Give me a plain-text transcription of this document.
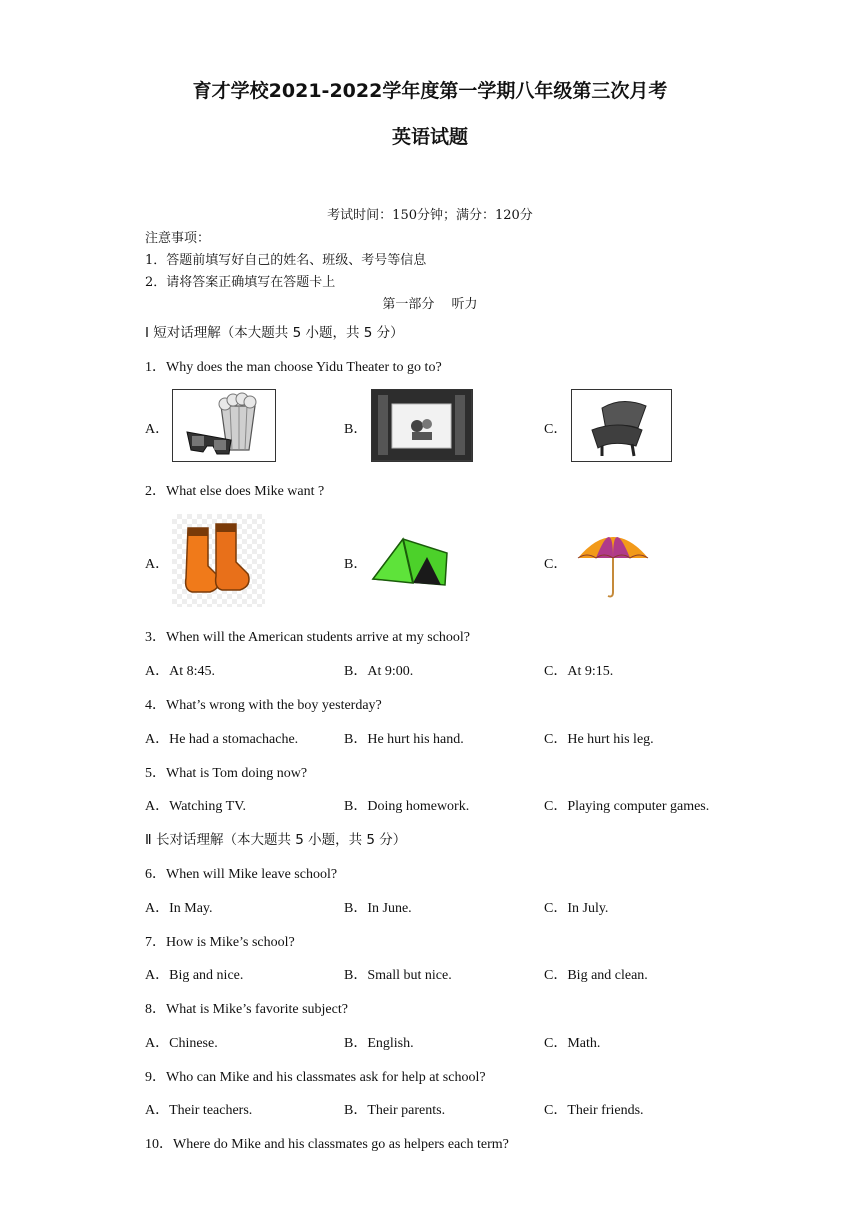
育才学校2021-2022学年度第一学期八年级第三次月考
英语试题
考试时间：150分钟；满分：120分
注意事项：
1．答题前填写好自己的姓名、班级、考号等信息
2．请将答案正确填写在答题卡上
第一部分　 听力
Ⅰ 短对话理解（本大题共 5 小题，共 5 分）
1．Why does the man choose Yidu Theater to go to?
A．	B．	C．
2．What else does Mike want ?
A．	B．	C．
3．When will the American students arrive at my school?
A．At 8:45.	B．At 9:00.	C．At 9:15.
4．What’s wrong with the boy yesterday?
A．He had a stomachache.	B．He hurt his hand.	C．He hurt his leg.
5．What is Tom doing now?
A．Watching TV.	B．Doing homework.	C．Playing computer games.
Ⅱ 长对话理解（本大题共 5 小题，共 5 分）
6．When will Mike leave school?
A．In May.	B．In June.	C．In July.
7．How is Mike’s school?
A．Big and nice.	B．Small but nice.	C．Big and clean.
8．What is Mike’s favorite subject?
A．Chinese.	B．English.	C．Math.
9．Who can Mike and his classmates ask for help at school?
A．Their teachers.	B．Their parents.	C．Their friends.
10．Where do Mike and his classmates go as helpers each term?
